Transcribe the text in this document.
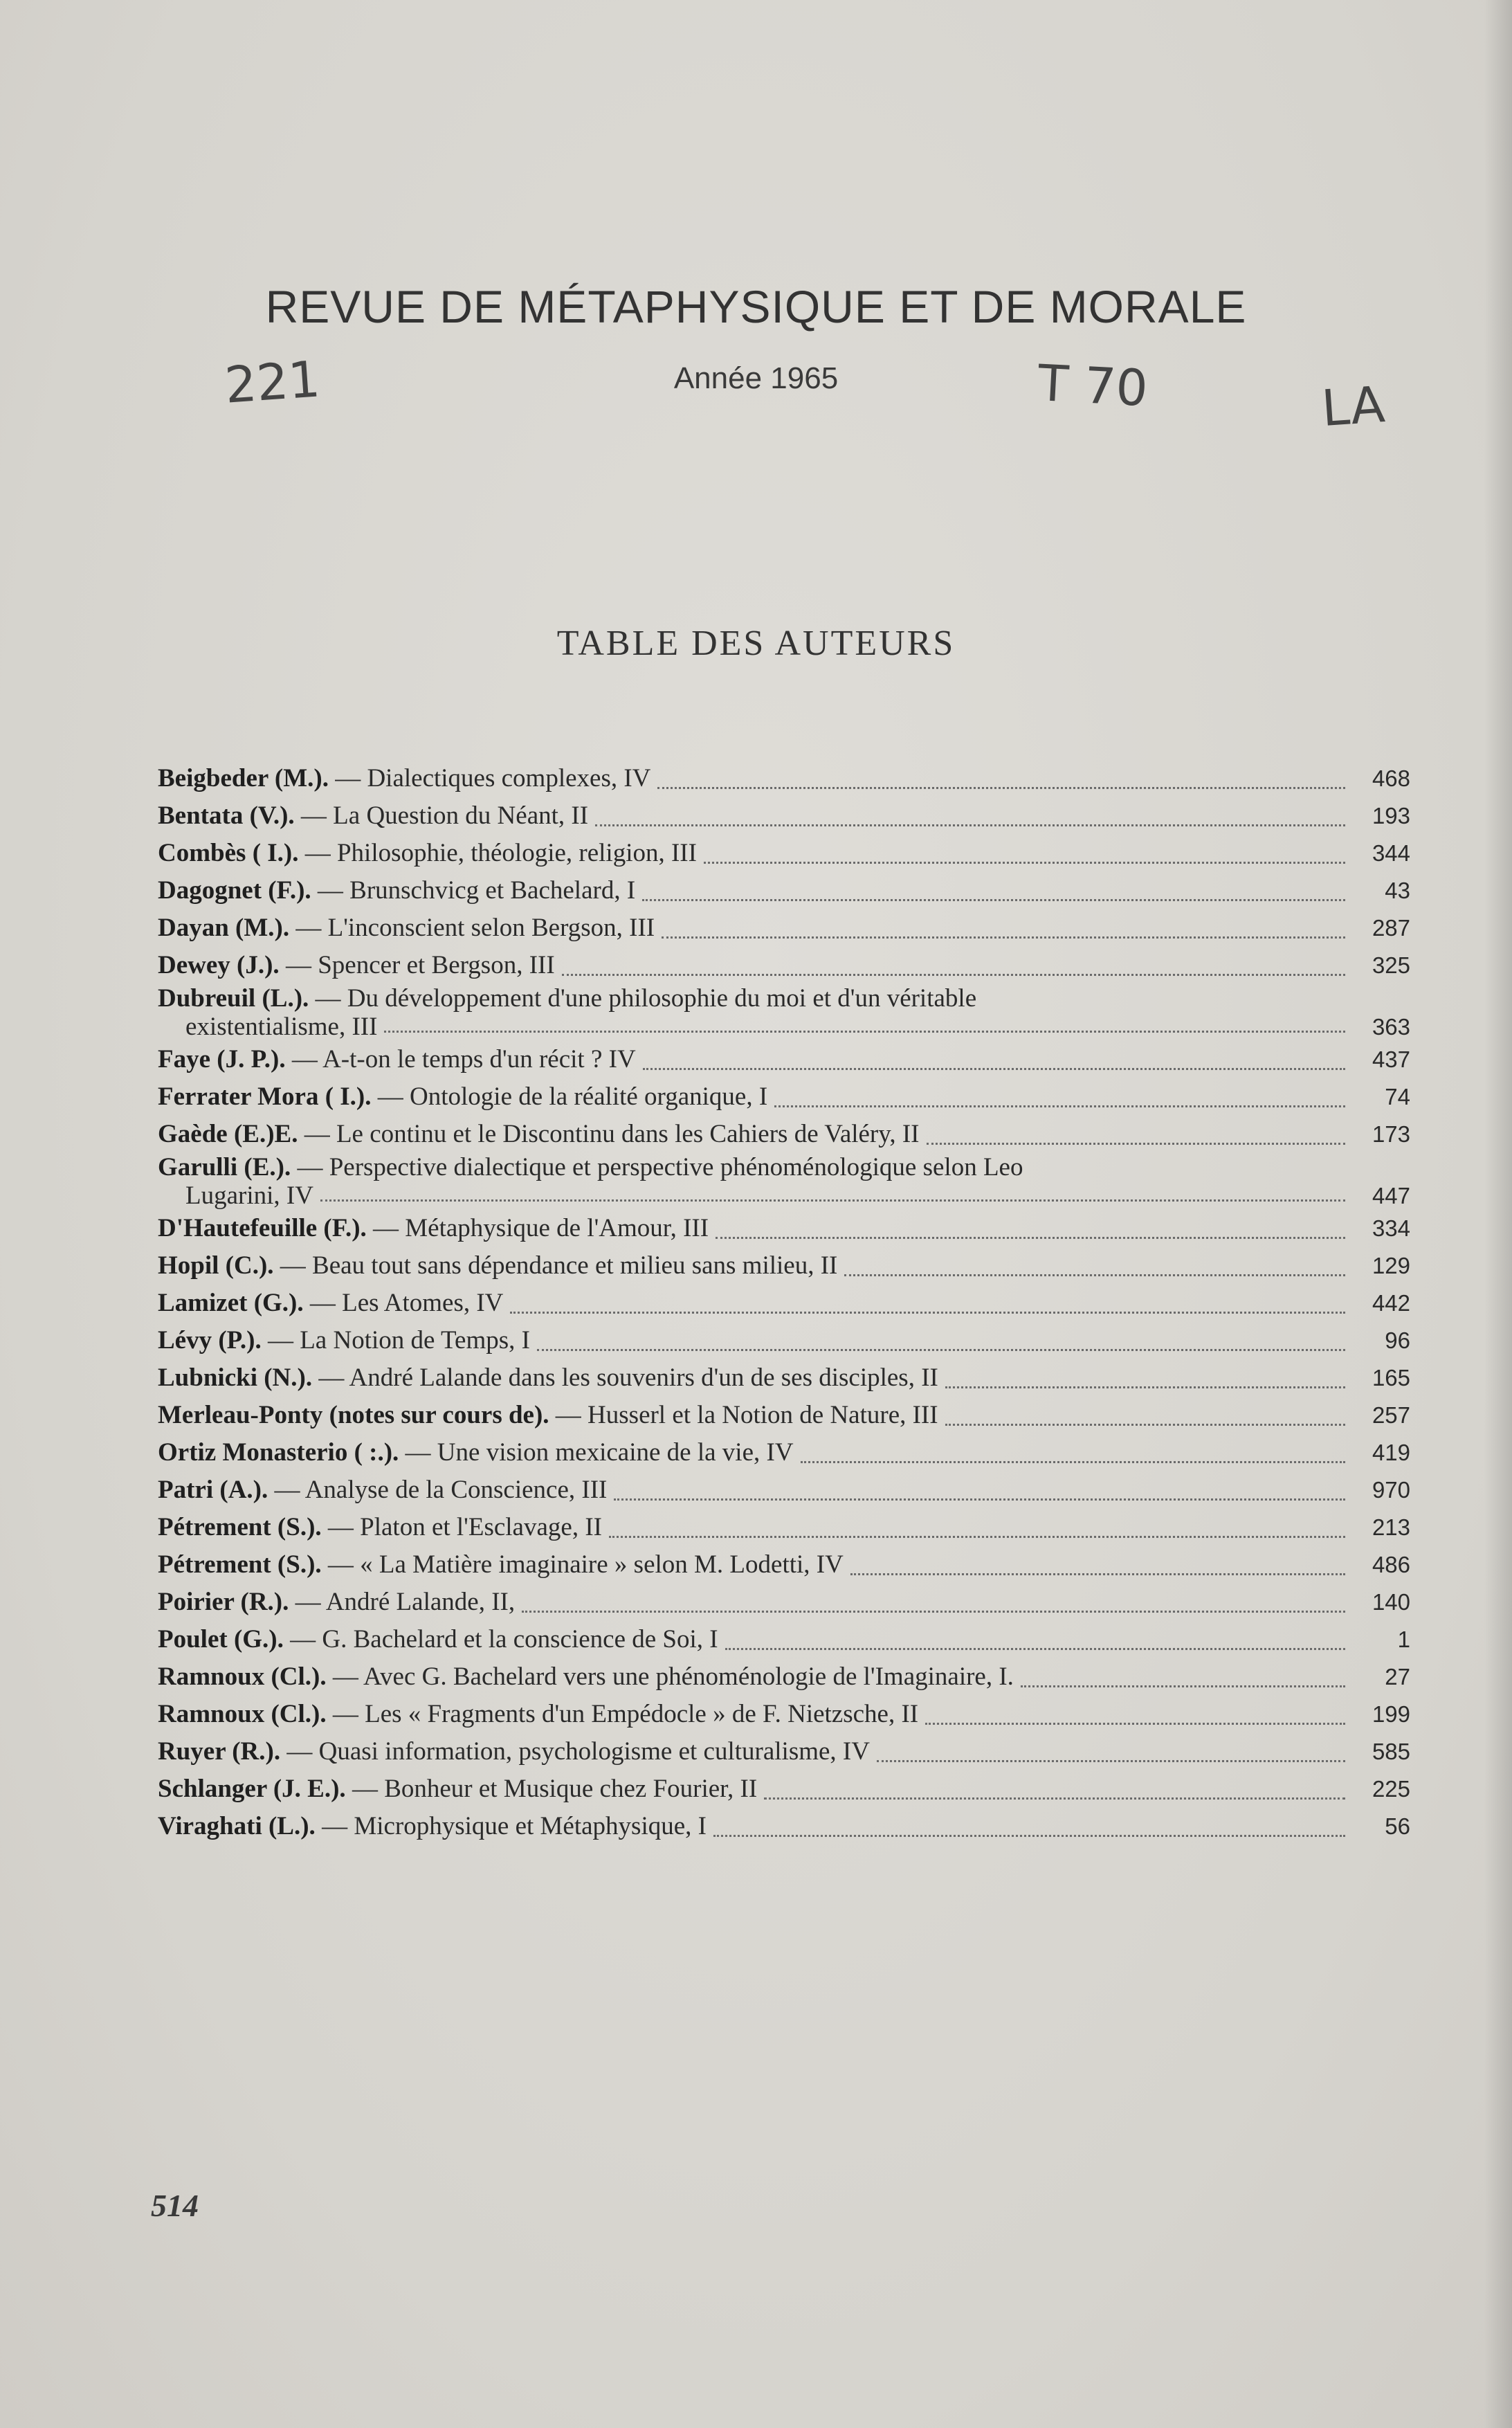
REVUE DE MÉTAPHYSIQUE ET DE MORALE
Année 1965
221	T 70	LA
TABLE DES AUTEURS
Beigbeder (M.). — Dialectiques complexes, IV	468
Bentata (V.). — La Question du Néant, II	193
Combès ( I.). — Philosophie, théologie, religion, III	344
Dagognet (F.). — Brunschvicg et Bachelard, I	43
Dayan (M.). — L'inconscient selon Bergson, III	287
Dewey (J.). — Spencer et Bergson, III	325
Dubreuil (L.). — Du développement d'une philosophie du moi et d'un véritable
existentialisme, III	363
Faye (J. P.). — A-t-on le temps d'un récit ? IV	437
Ferrater Mora ( I.). — Ontologie de la réalité organique, I	74
Gaède (E.)E. — Le continu et le Discontinu dans les Cahiers de Valéry, II	173
Garulli (E.). — Perspective dialectique et perspective phénoménologique selon Leo
Lugarini, IV	447
D'Hautefeuille (F.). — Métaphysique de l'Amour, III	334
Hopil (C.). — Beau tout sans dépendance et milieu sans milieu, II	129
Lamizet (G.). — Les Atomes, IV	442
Lévy (P.). — La Notion de Temps, I	96
Lubnicki (N.). — André Lalande dans les souvenirs d'un de ses disciples, II	165
Merleau-Ponty (notes sur cours de). — Husserl et la Notion de Nature, III	257
Ortiz Monasterio ( :.). — Une vision mexicaine de la vie, IV	419
Patri (A.). — Analyse de la Conscience, III	970
Pétrement (S.). — Platon et l'Esclavage, II	213
Pétrement (S.). — « La Matière imaginaire » selon M. Lodetti, IV	486
Poirier (R.). — André Lalande, II,	140
Poulet (G.). — G. Bachelard et la conscience de Soi, I	1
Ramnoux (Cl.). — Avec G. Bachelard vers une phénoménologie de l'Imaginaire, I.	27
Ramnoux (Cl.). — Les « Fragments d'un Empédocle » de F. Nietzsche, II	199
Ruyer (R.). — Quasi information, psychologisme et culturalisme, IV	585
Schlanger (J. E.). — Bonheur et Musique chez Fourier, II	225
Viraghati (L.). — Microphysique et Métaphysique, I	56
514
